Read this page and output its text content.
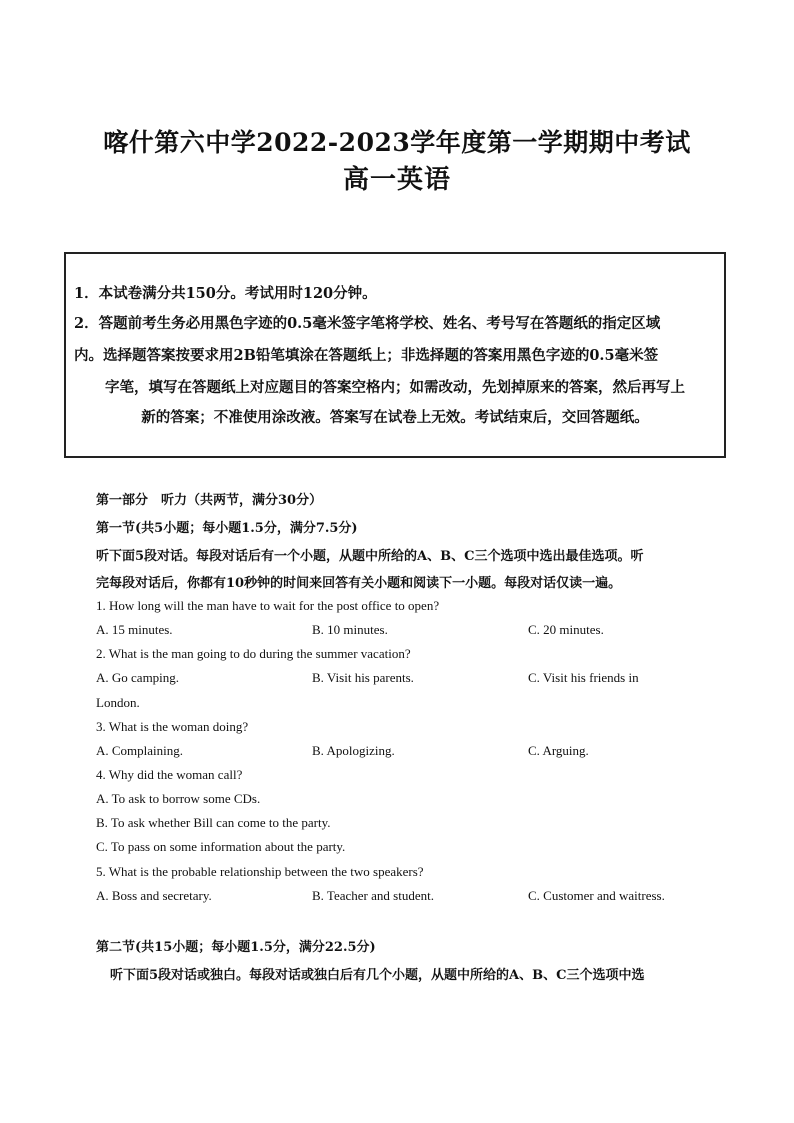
喀什第六中学2022-2023学年度第一学期期中考试
高一英语

1．本试卷满分共150分。考试用时120分钟。

2．答题前考生务必用黑色字迹的0.5毫米签字笔将学校、姓名、考号写在答题纸的指定区域

内。选择题答案按要求用2B铅笔填涂在答题纸上；非选择题的答案用黑色字迹的0.5毫米签

字笔，填写在答题纸上对应题目的答案空格内；如需改动，先划掉原来的答案，然后再写上

新的答案；不准使用涂改液。答案写在试卷上无效。考试结束后，交回答题纸。

第一部分　听力（共两节，满分30分）

第一节(共5小题；每小题1.5分，满分7.5分)

听下面5段对话。每段对话后有一个小题，从题中所给的A、B、C三个选项中选出最佳选项。听

完每段对话后，你都有10秒钟的时间来回答有关小题和阅读下一小题。每段对话仅读一遍。

1. How long will the man have to wait for the post office to open?

A. 15 minutes.	B. 10 minutes.	C. 20 minutes.

2. What is the man going to do during the summer vacation?

A. Go camping.	B. Visit his parents.	C. Visit his friends in

London.

3. What is the woman doing?

A. Complaining.	B. Apologizing.	C. Arguing.

4. Why did the woman call?

A. To ask to borrow some CDs.

B. To ask whether Bill can come to the party.

C. To pass on some information about the party.

5. What is the probable relationship between the two speakers?

A. Boss and secretary.	B. Teacher and student.	C. Customer and waitress.

第二节(共15小题；每小题1.5分，满分22.5分)

听下面5段对话或独白。每段对话或独白后有几个小题，从题中所给的A、B、C三个选项中选
